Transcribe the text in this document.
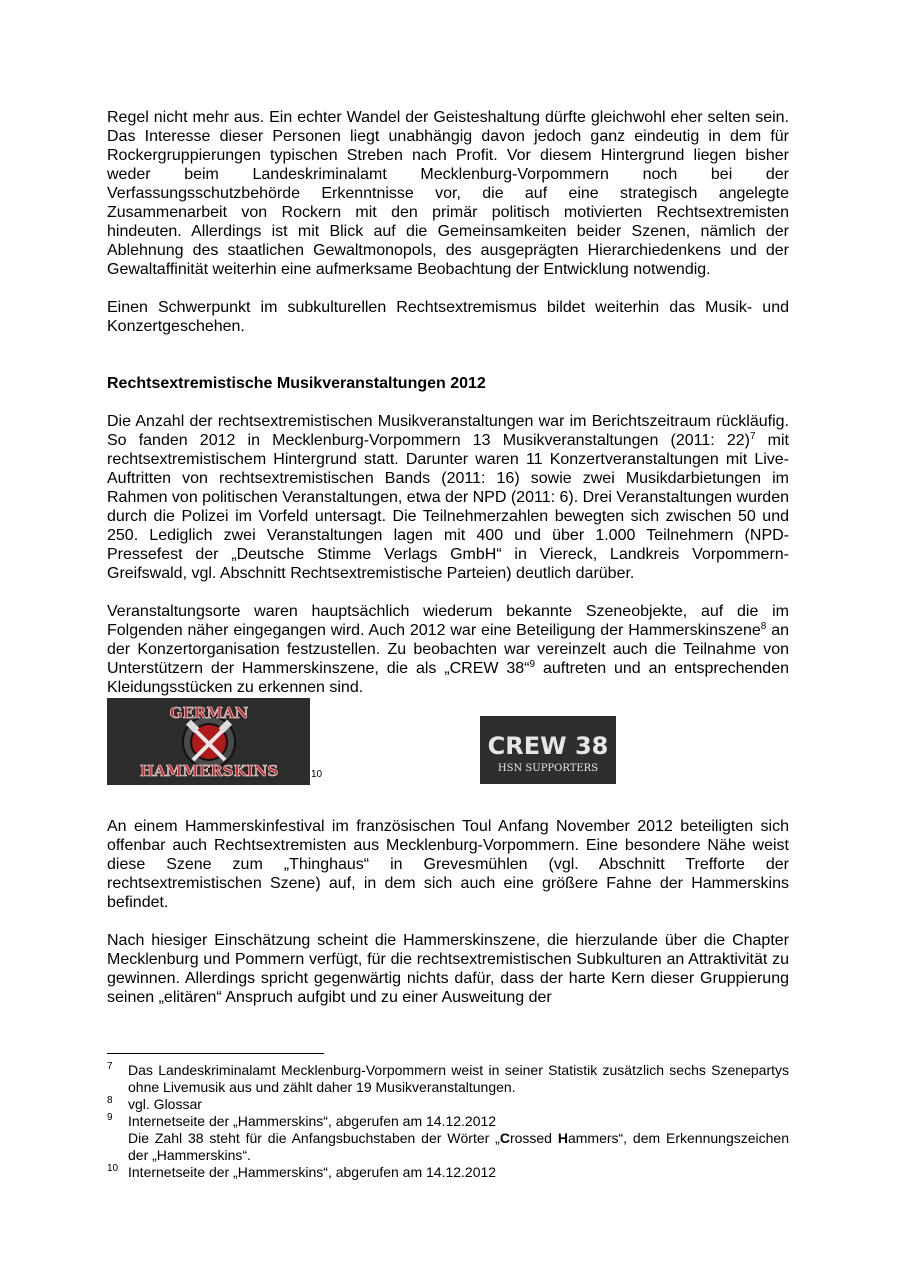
Regel nicht mehr aus. Ein echter Wandel der Geisteshaltung dürfte gleichwohl eher selten sein. Das Interesse dieser Personen liegt unabhängig davon jedoch ganz eindeutig in dem für Rockergruppierungen typischen Streben nach Profit. Vor diesem Hintergrund liegen bisher weder beim Landeskriminalamt Mecklenburg-Vorpommern noch bei der Verfassungsschutzbehörde Erkenntnisse vor, die auf eine strategisch angelegte Zusammenarbeit von Rockern mit den primär politisch motivierten Rechtsextremisten hindeuten. Allerdings ist mit Blick auf die Gemeinsamkeiten beider Szenen, nämlich der Ablehnung des staatlichen Gewaltmonopols, des ausgeprägten Hierarchiedenkens und der Gewaltaffinität weiterhin eine aufmerksame Beobachtung der Entwicklung notwendig.

Einen Schwerpunkt im subkulturellen Rechtsextremismus bildet weiterhin das Musik- und Konzertgeschehen.

Rechtsextremistische Musikveranstaltungen 2012

Die Anzahl der rechtsextremistischen Musikveranstaltungen war im Berichtszeitraum rückläufig. So fanden 2012 in Mecklenburg-Vorpommern 13 Musikveranstaltungen (2011: 22)$^7$ mit rechtsextremistischem Hintergrund statt. Darunter waren 11 Konzertveranstaltungen mit Live-Auftritten von rechtsextremistischen Bands (2011: 16) sowie zwei Musikdarbietungen im Rahmen von politischen Veranstaltungen, etwa der NPD (2011: 6). Drei Veranstaltungen wurden durch die Polizei im Vorfeld untersagt. Die Teilnehmerzahlen bewegten sich zwischen 50 und 250. Lediglich zwei Veranstaltungen lagen mit 400 und über 1.000 Teilnehmern (NPD-Pressefest der „Deutsche Stimme Verlags GmbH“ in Viereck, Landkreis Vorpommern-Greifswald, vgl. Abschnitt Rechtsextremistische Parteien) deutlich darüber.

Veranstaltungsorte waren hauptsächlich wiederum bekannte Szeneobjekte, auf die im Folgenden näher eingegangen wird. Auch 2012 war eine Beteiligung der Hammerskinszene$^8$ an der Konzertorganisation festzustellen. Zu beobachten war vereinzelt auch die Teilnahme von Unterstützern der Hammerskinszene, die als „CREW 38“$^9$ auftreten und an entsprechenden Kleidungsstücken zu erkennen sind.

GERMAN
HAMMERSKINS	10
CREW 38
HSN SUPPORTERS

An einem Hammerskinfestival im französischen Toul Anfang November 2012 beteiligten sich offenbar auch Rechtsextremisten aus Mecklenburg-Vorpommern. Eine besondere Nähe weist diese Szene zum „Thinghaus“ in Grevesmühlen (vgl. Abschnitt Trefforte der rechtsextremistischen Szene) auf, in dem sich auch eine größere Fahne der Hammerskins befindet.

Nach hiesiger Einschätzung scheint die Hammerskinszene, die hierzulande über die Chapter Mecklenburg und Pommern verfügt, für die rechtsextremistischen Subkulturen an Attraktivität zu gewinnen. Allerdings spricht gegenwärtig nichts dafür, dass der harte Kern dieser Gruppierung seinen „elitären“ Anspruch aufgibt und zu einer Ausweitung der

7 Das Landeskriminalamt Mecklenburg-Vorpommern weist in seiner Statistik zusätzlich sechs Szenepartys ohne Livemusik aus und zählt daher 19 Musikveranstaltungen.
8 vgl. Glossar
9 Internetseite der „Hammerskins“, abgerufen am 14.12.2012
Die Zahl 38 steht für die Anfangsbuchstaben der Wörter „Crossed Hammers“, dem Erkennungszeichen der „Hammerskins“.
10 Internetseite der „Hammerskins“, abgerufen am 14.12.2012
